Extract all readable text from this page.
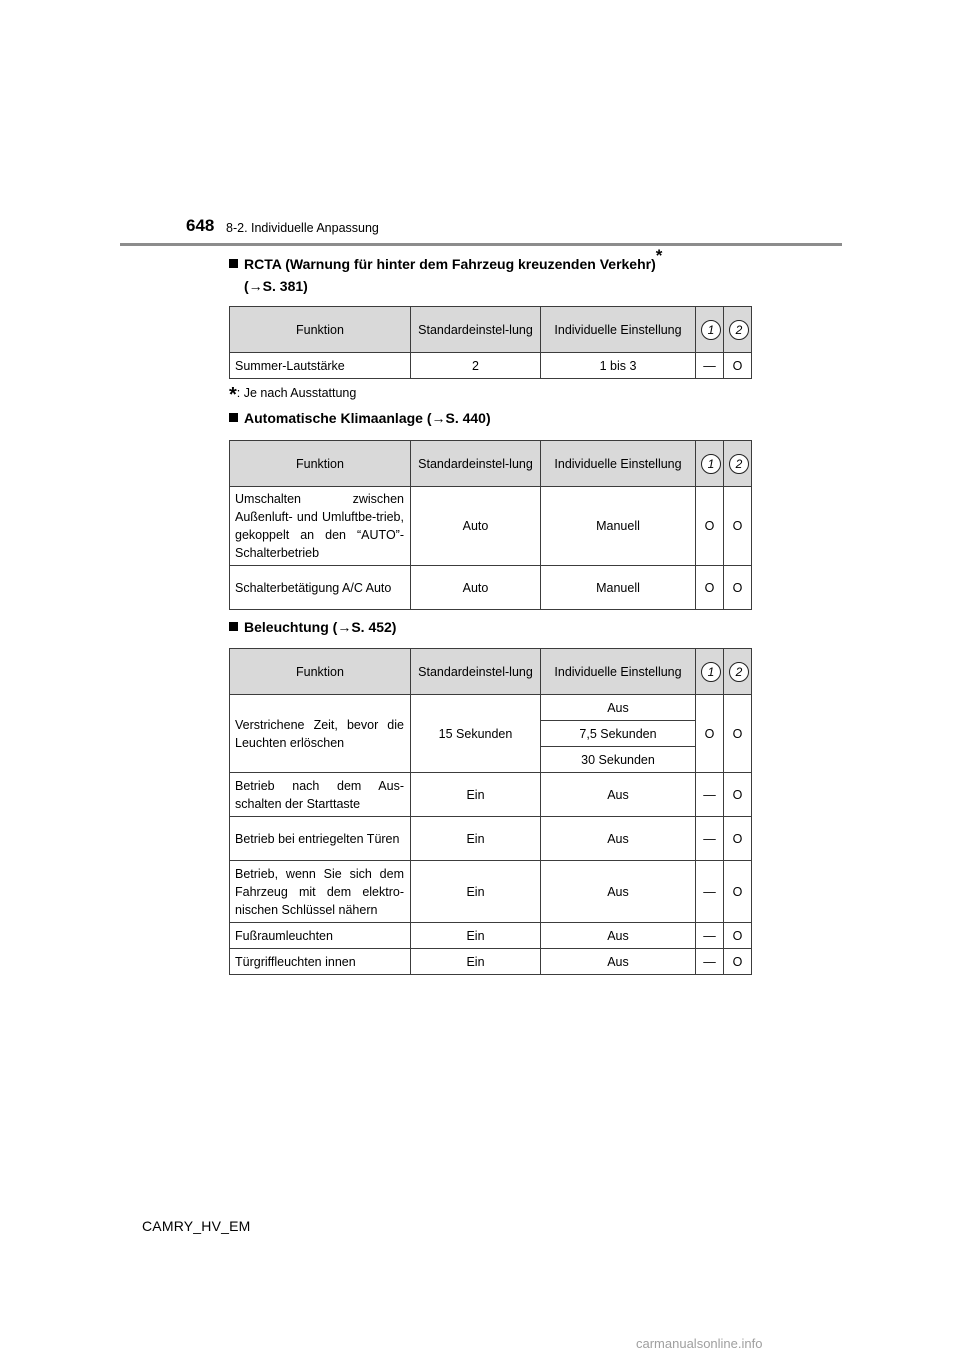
648 8-2. Individuelle Anpassung
RCTA (Warnung für hinter dem Fahrzeug kreuzenden Verkehr)*
(→S. 381)
Funktion	Standardeinstel-lung	Individuelle Einstellung	1	2
Summer-Lautstärke	2	1 bis 3	—	O
*: Je nach Ausstattung
Automatische Klimaanlage (→S. 440)
Funktion	Standardeinstel-lung	Individuelle Einstellung	1	2
Umschalten zwischen Außenluft- und Umluftbe-trieb, gekoppelt an den “AUTO”-Schalterbetrieb	Auto	Manuell	O	O
Schalterbetätigung A/C Auto	Auto	Manuell	O	O
Beleuchtung (→S. 452)
Funktion	Standardeinstel-lung	Individuelle Einstellung	1	2
Verstrichene Zeit, bevor die Leuchten erlöschen	15 Sekunden	Aus	O	O
		7,5 Sekunden		
		30 Sekunden		
Betrieb nach dem Aus-schalten der Starttaste	Ein	Aus	—	O
Betrieb bei entriegelten Türen	Ein	Aus	—	O
Betrieb, wenn Sie sich dem Fahrzeug mit dem elektro-nischen Schlüssel nähern	Ein	Aus	—	O
Fußraumleuchten	Ein	Aus	—	O
Türgriffleuchten innen	Ein	Aus	—	O
CAMRY_HV_EM
carmanualsonline.info
